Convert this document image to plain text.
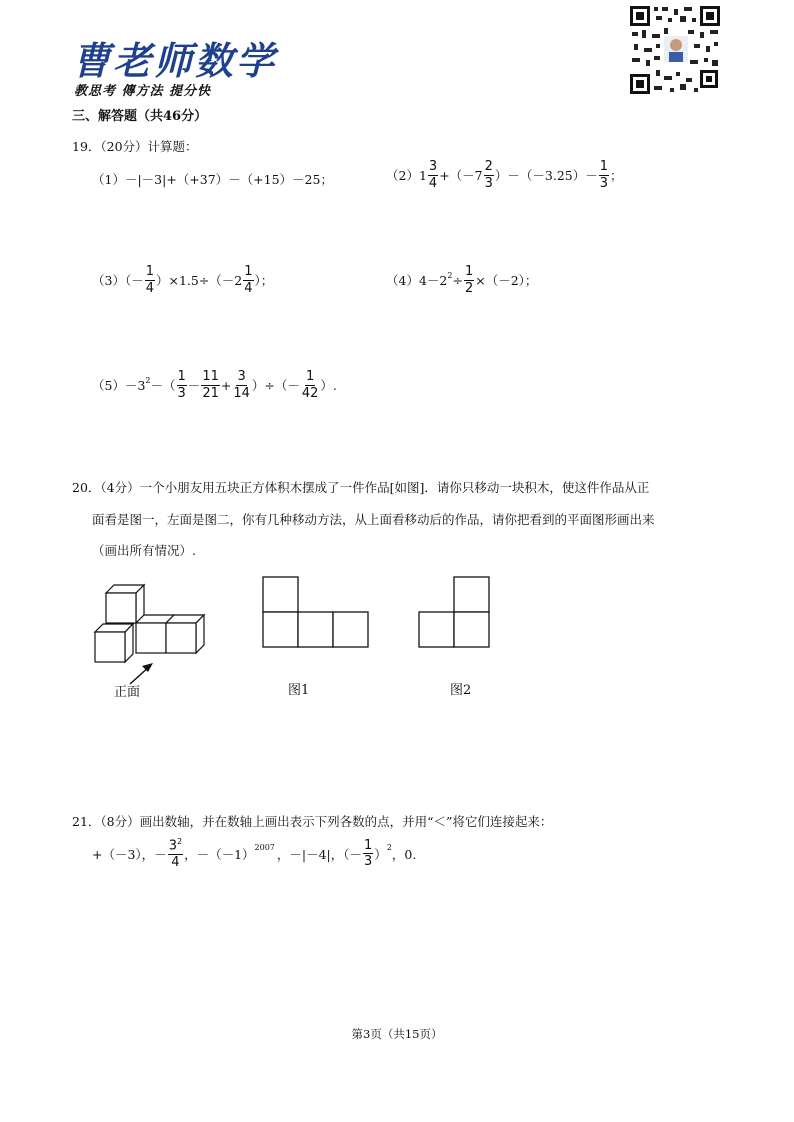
曹老师数学
教思考 傳方法 提分快
三、解答题（共46分）
19．（20分）计算题：
（1）－|－3|+（+37）－（+15）－25；	$(2)1 \frac{3}{4} +(-7 \frac{2}{3} )-(-3.25)- \frac{1}{3}$ ；
$(3)(- \frac{1}{4} )\times 1.5\div(-2 \frac{1}{4}$ ）；	$(4)4-2^2 \div \frac{1}{2} \times(-2)$；
$(5)-3^2$ －（ $\frac{1}{3} - \frac{11}{21} + \frac{3}{14}$ ）÷（－ $\frac{1}{42}$ ）.
20．（4分）一个小朋友用五块正方体积木摆成了一件作品[如图]．请你只移动一块积木，使这件作品从正
面看是图一，左面是图二，你有几种移动方法，从上面看移动后的作品，请你把看到的平面图形画出来
（画出所有情况）.
正面	图1	图2
21．（8分）画出数轴，并在数轴上画出表示下列各数的点，并用“＜”将它们连接起来：
+（－3），－ $\frac{3^2}{4}$ ，$-(-1)^{2007}$ ，－|－4|，（－ $\frac{1}{3} )^2$ ，0.
第3页（共15页）
